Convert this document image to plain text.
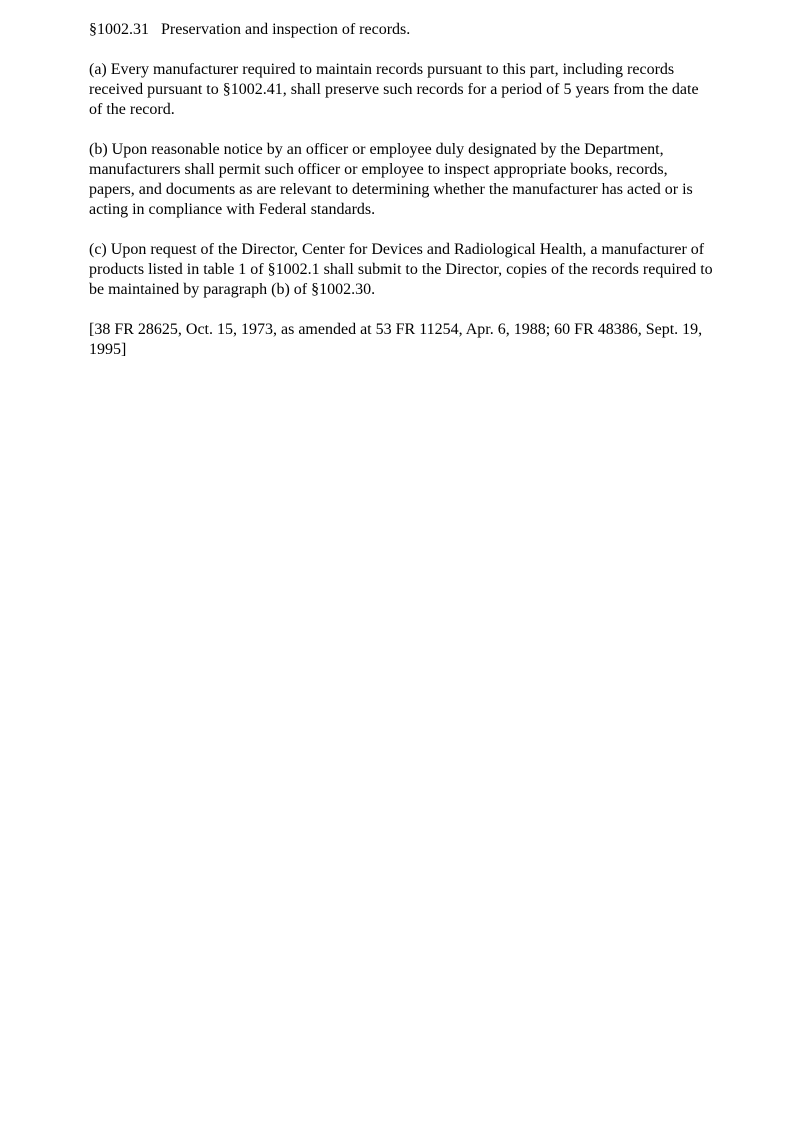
§1002.31   Preservation and inspection of records.

(a) Every manufacturer required to maintain records pursuant to this part, including records received pursuant to §1002.41, shall preserve such records for a period of 5 years from the date of the record.

(b) Upon reasonable notice by an officer or employee duly designated by the Department, manufacturers shall permit such officer or employee to inspect appropriate books, records, papers, and documents as are relevant to determining whether the manufacturer has acted or is acting in compliance with Federal standards.

(c) Upon request of the Director, Center for Devices and Radiological Health, a manufacturer of products listed in table 1 of §1002.1 shall submit to the Director, copies of the records required to be maintained by paragraph (b) of §1002.30.

[38 FR 28625, Oct. 15, 1973, as amended at 53 FR 11254, Apr. 6, 1988; 60 FR 48386, Sept. 19, 1995]
